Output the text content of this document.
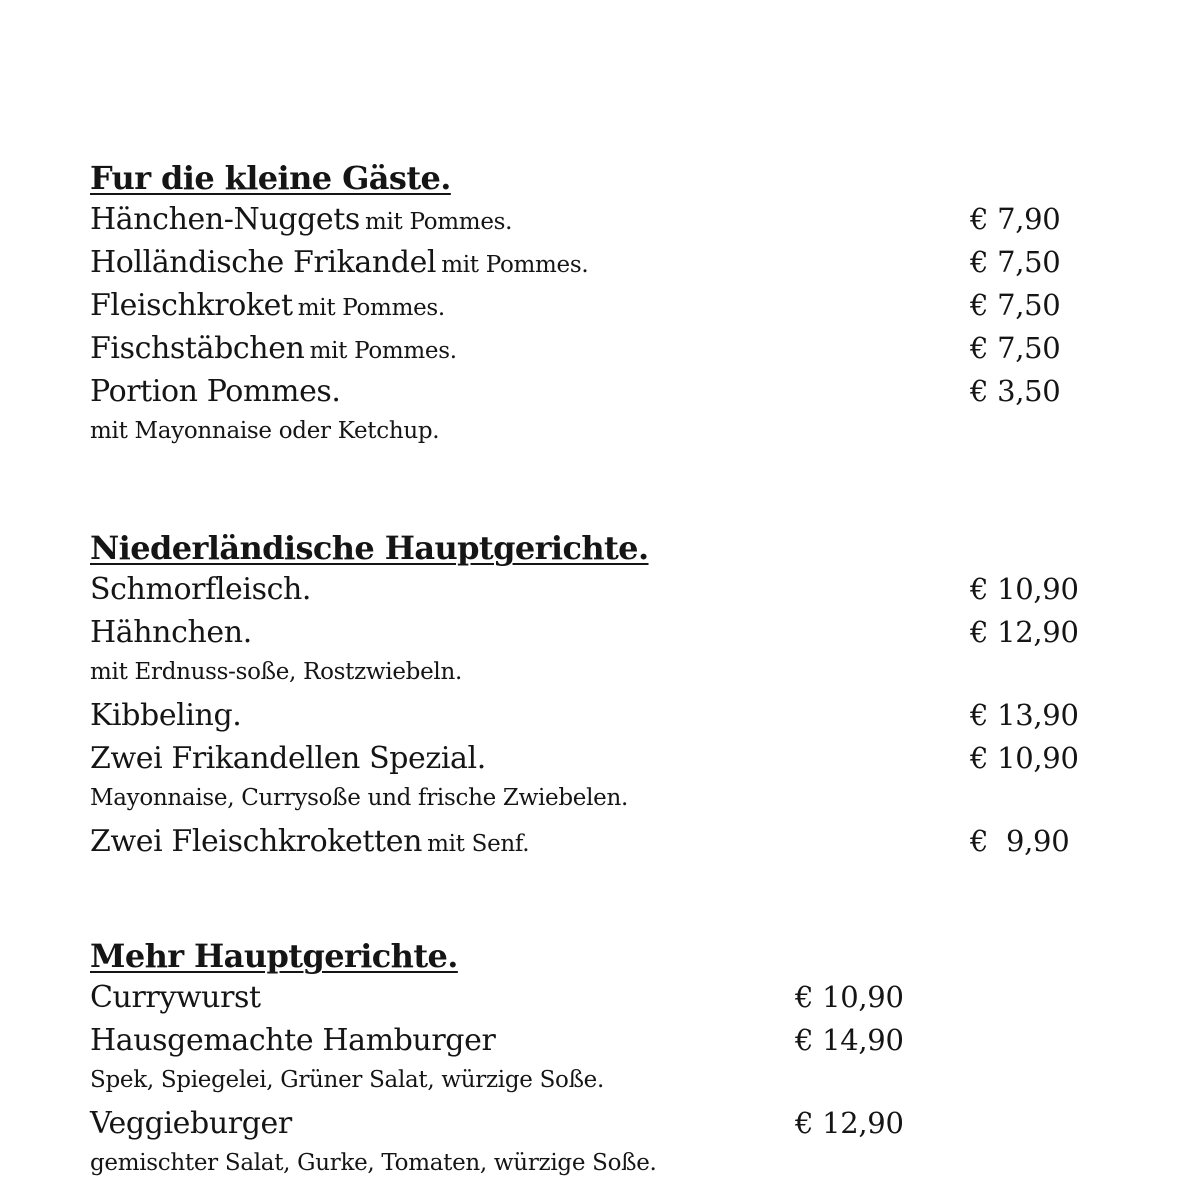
Fur die kleine Gäste.
Hänchen-Nuggets mit Pommes.	€ 7,90
Holländische Frikandel mit Pommes.	€ 7,50
Fleischkroket mit Pommes.	€ 7,50
Fischstäbchen mit Pommes.	€ 7,50
Portion Pommes.	€ 3,50
mit Mayonnaise oder Ketchup.
Niederländische Hauptgerichte.
Schmorfleisch.	€ 10,90
Hähnchen.	€ 12,90
mit Erdnuss-soße, Rostzwiebeln.
Kibbeling.	€ 13,90
Zwei Frikandellen Spezial.	€ 10,90
Mayonnaise, Currysoße und frische Zwiebelen.
Zwei Fleischkroketten mit Senf.	€  9,90
Mehr Hauptgerichte.
Currywurst	€ 10,90
Hausgemachte Hamburger	€ 14,90
Spek, Spiegelei, Grüner Salat, würzige Soße.
Veggieburger	€ 12,90
gemischter Salat, Gurke, Tomaten, würzige Soße.
